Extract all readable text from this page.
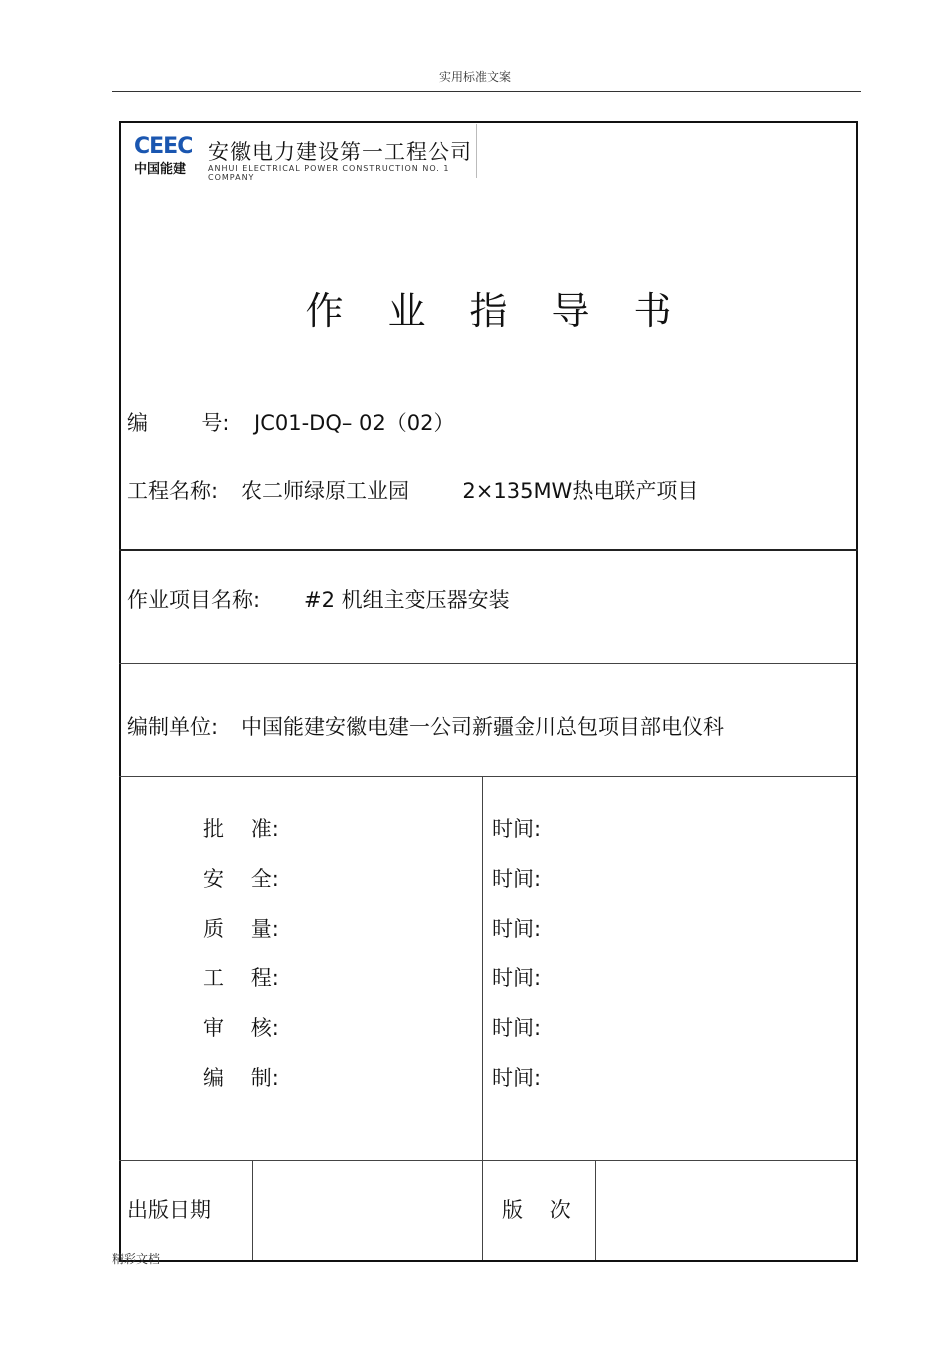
实用标准文案
CEEC
中国能建
安徽电力建设第一工程公司
ANHUI ELECTRICAL POWER CONSTRUCTION NO. 1 COMPANY
作业指导书
编        号: JC01-DQ– 02（02）
工程名称: 农二师绿原工业园        2×135MW热电联产项目
作业项目名称: #2 机组主变压器安装
编制单位: 中国能建安徽电建一公司新疆金川总包项目部电仪科
批    准:	时间:
安    全:	时间:
质    量:	时间:
工    程:	时间:
审    核:	时间:
编    制:	时间:
出版日期	版    次
精彩文档
